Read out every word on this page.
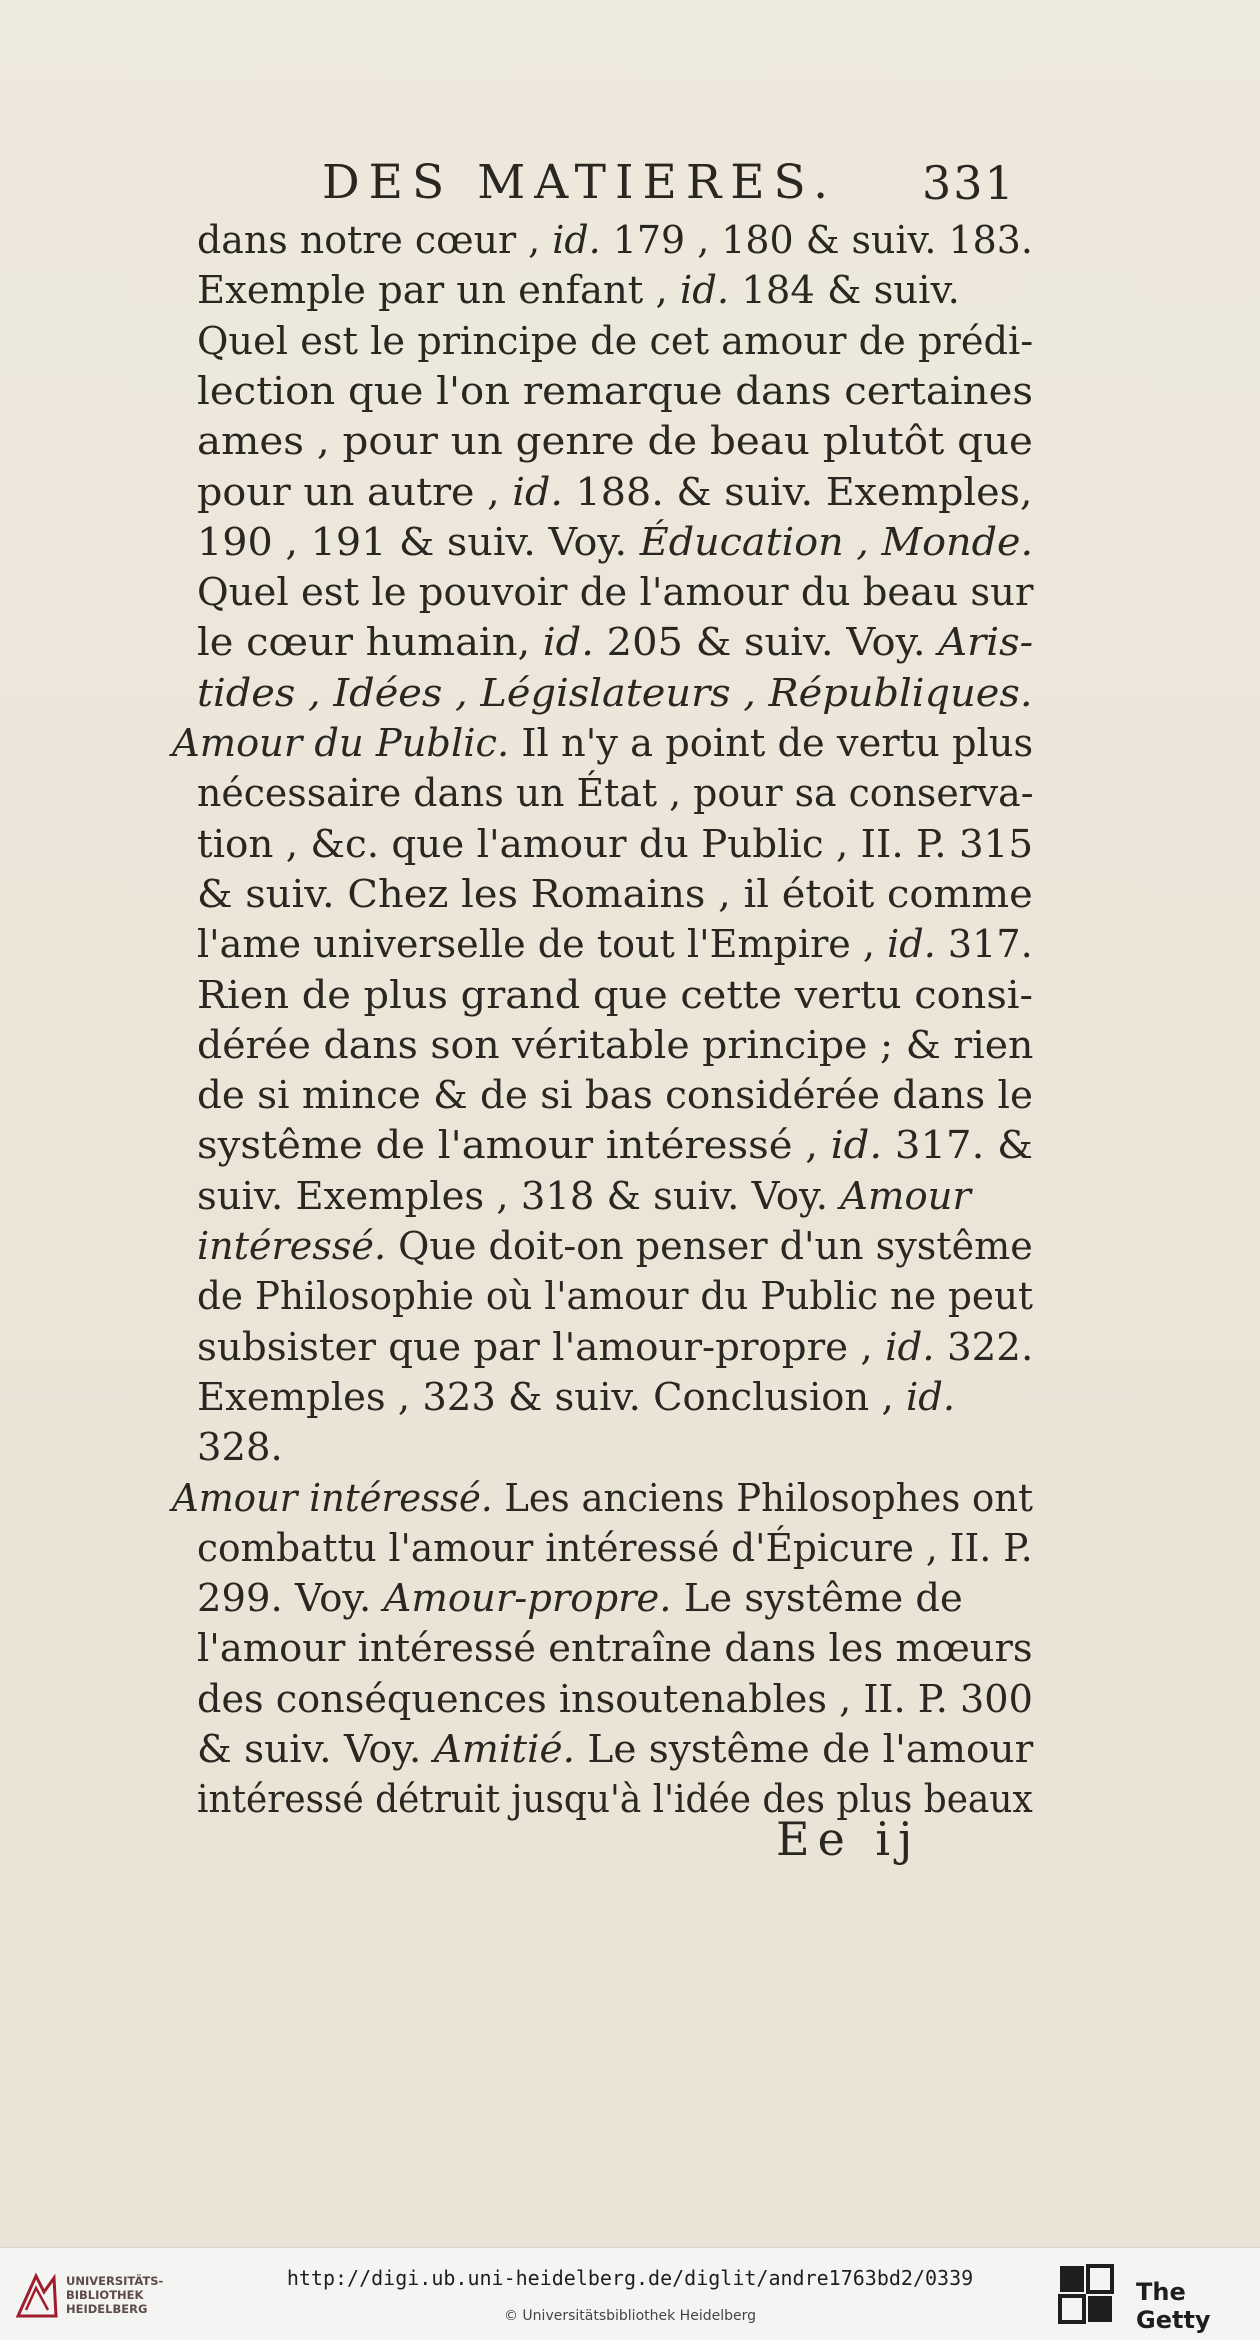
DES MATIERES. 331
dans notre cœur , id. 179 , 180 & suiv. 183.
Exemple par un enfant , id. 184 & suiv.
Quel est le principe de cet amour de prédi-
lection que l'on remarque dans certaines
ames , pour un genre de beau plutôt que
pour un autre , id. 188. & suiv. Exemples,
190 , 191 & suiv. Voy. Éducation , Monde.
Quel est le pouvoir de l'amour du beau sur
le cœur humain, id. 205 & suiv. Voy. Aris-
tides , Idées , Législateurs , Républiques.
Amour du Public. Il n'y a point de vertu plus
nécessaire dans un État , pour sa conserva-
tion , &c. que l'amour du Public , II. P. 315
& suiv. Chez les Romains , il étoit comme
l'ame universelle de tout l'Empire , id. 317.
Rien de plus grand que cette vertu consi-
dérée dans son véritable principe ; & rien
de si mince & de si bas considérée dans le
systême de l'amour intéressé , id. 317. &
suiv. Exemples , 318 & suiv. Voy. Amour
intéressé. Que doit-on penser d'un systême
de Philosophie où l'amour du Public ne peut
subsister que par l'amour-propre , id. 322.
Exemples , 323 & suiv. Conclusion , id.
328.
Amour intéressé. Les anciens Philosophes ont
combattu l'amour intéressé d'Épicure , II. P.
299. Voy. Amour-propre. Le systême de
l'amour intéressé entraîne dans les mœurs
des conséquences insoutenables , II. P. 300
& suiv. Voy. Amitié. Le systême de l'amour
intéressé détruit jusqu'à l'idée des plus beaux
Ee ij
UNIVERSITÄTS-
BIBLIOTHEK
HEIDELBERG
http://digi.ub.uni-heidelberg.de/diglit/andre1763bd2/0339
© Universitätsbibliothek Heidelberg
The Getty
